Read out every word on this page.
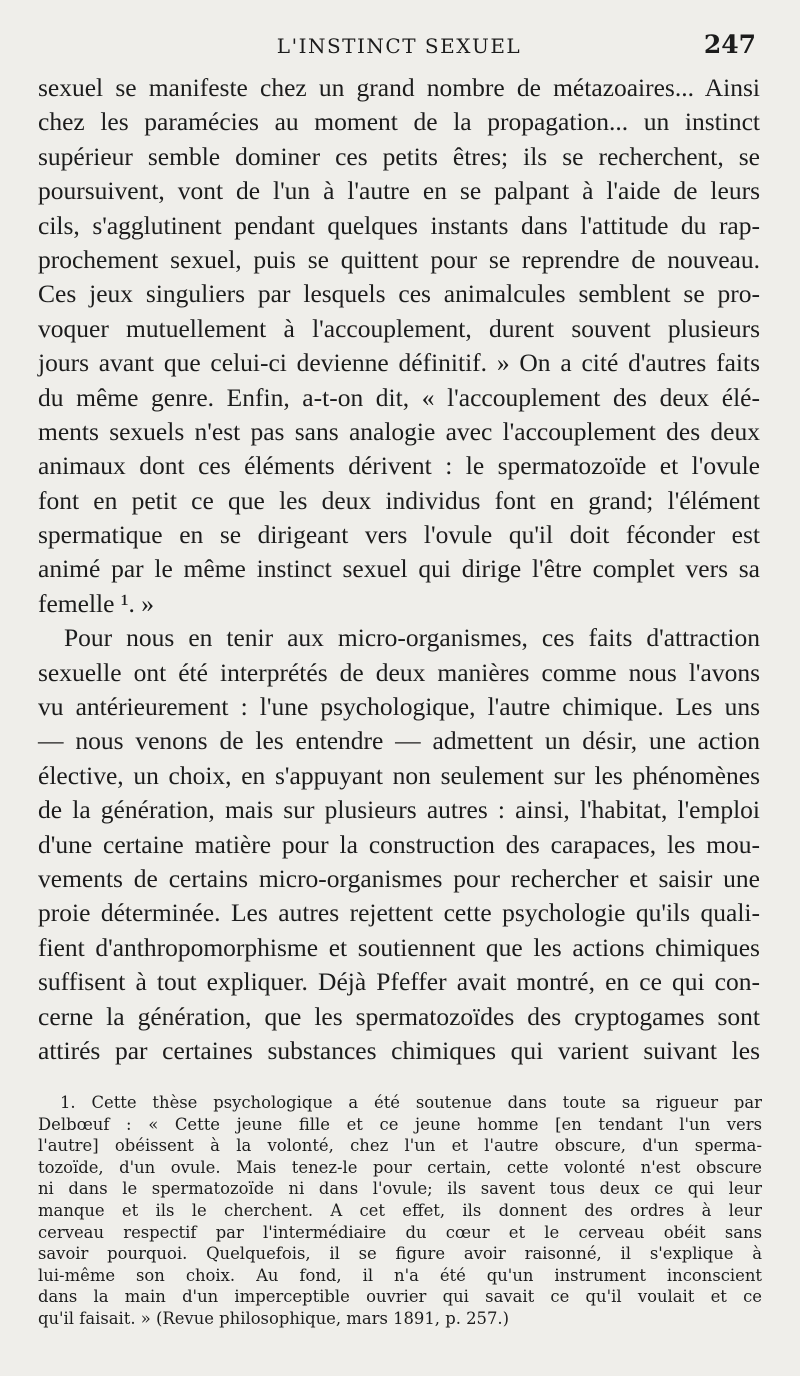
L'INSTINCT SEXUEL	247
sexuel se manifeste chez un grand nombre de métazoaires... Ainsi
chez les paramécies au moment de la propagation... un instinct
supérieur semble dominer ces petits êtres; ils se recherchent, se
poursuivent, vont de l'un à l'autre en se palpant à l'aide de leurs
cils, s'agglutinent pendant quelques instants dans l'attitude du rap-
prochement sexuel, puis se quittent pour se reprendre de nouveau.
Ces jeux singuliers par lesquels ces animalcules semblent se pro-
voquer mutuellement à l'accouplement, durent souvent plusieurs
jours avant que celui-ci devienne définitif. » On a cité d'autres faits
du même genre. Enfin, a-t-on dit, « l'accouplement des deux élé-
ments sexuels n'est pas sans analogie avec l'accouplement des deux
animaux dont ces éléments dérivent : le spermatozoïde et l'ovule
font en petit ce que les deux individus font en grand; l'élément
spermatique en se dirigeant vers l'ovule qu'il doit féconder est
animé par le même instinct sexuel qui dirige l'être complet vers sa
femelle ¹. »
Pour nous en tenir aux micro-organismes, ces faits d'attraction
sexuelle ont été interprétés de deux manières comme nous l'avons
vu antérieurement : l'une psychologique, l'autre chimique. Les uns
— nous venons de les entendre — admettent un désir, une action
élective, un choix, en s'appuyant non seulement sur les phénomènes
de la génération, mais sur plusieurs autres : ainsi, l'habitat, l'emploi
d'une certaine matière pour la construction des carapaces, les mou-
vements de certains micro-organismes pour rechercher et saisir une
proie déterminée. Les autres rejettent cette psychologie qu'ils quali-
fient d'anthropomorphisme et soutiennent que les actions chimiques
suffisent à tout expliquer. Déjà Pfeffer avait montré, en ce qui con-
cerne la génération, que les spermatozoïdes des cryptogames sont
attirés par certaines substances chimiques qui varient suivant les
1. Cette thèse psychologique a été soutenue dans toute sa rigueur par
Delbœuf : « Cette jeune fille et ce jeune homme [en tendant l'un vers
l'autre] obéissent à la volonté, chez l'un et l'autre obscure, d'un sperma-
tozoïde, d'un ovule. Mais tenez-le pour certain, cette volonté n'est obscure
ni dans le spermatozoïde ni dans l'ovule; ils savent tous deux ce qui leur
manque et ils le cherchent. A cet effet, ils donnent des ordres à leur
cerveau respectif par l'intermédiaire du cœur et le cerveau obéit sans
savoir pourquoi. Quelquefois, il se figure avoir raisonné, il s'explique à
lui-même son choix. Au fond, il n'a été qu'un instrument inconscient
dans la main d'un imperceptible ouvrier qui savait ce qu'il voulait et ce
qu'il faisait. » (Revue philosophique, mars 1891, p. 257.)
